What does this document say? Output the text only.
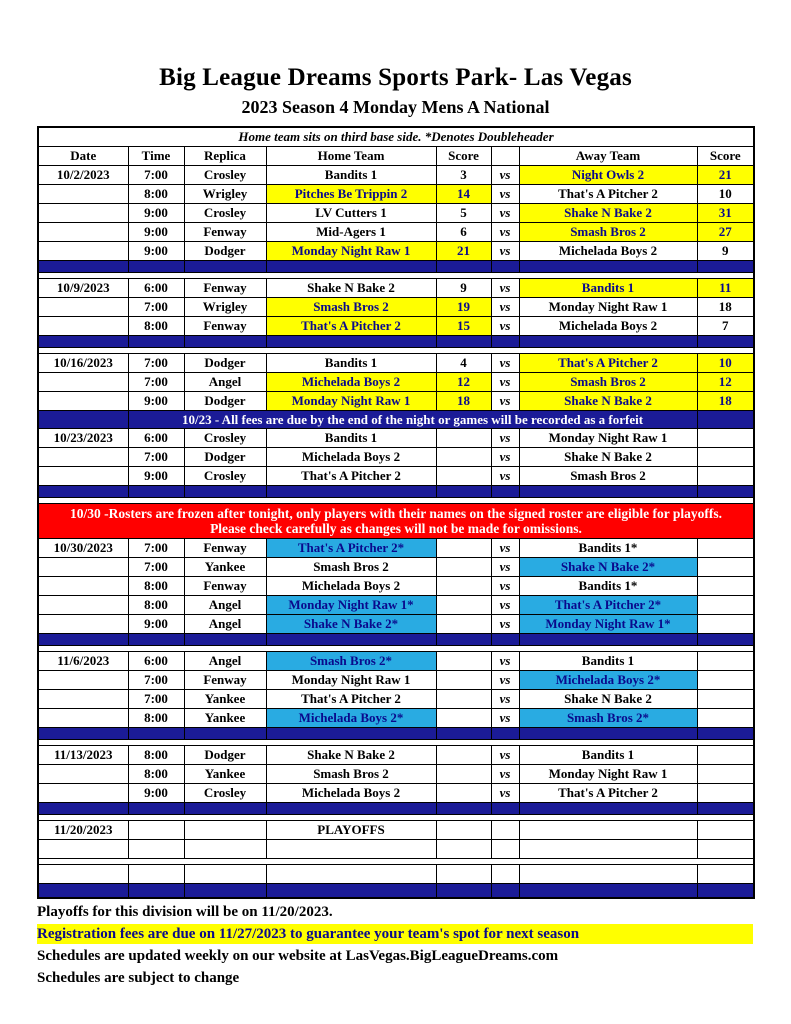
Big League Dreams Sports Park- Las Vegas
2023 Season 4 Monday Mens A National
Home team sits on third base side. *Denotes Doubleheader							
Date	Time	Replica	Home Team	Score		Away Team	Score
10/2/2023	7:00	Crosley	Bandits 1	3	vs	Night Owls 2	21
	8:00	Wrigley	Pitches Be Trippin 2	14	vs	That's A Pitcher 2	10
	9:00	Crosley	LV Cutters 1	5	vs	Shake N Bake 2	31
	9:00	Fenway	Mid-Agers 1	6	vs	Smash Bros 2	27
	9:00	Dodger	Monday Night Raw 1	21	vs	Michelada Boys 2	9

10/9/2023	6:00	Fenway	Shake N Bake 2	9	vs	Bandits 1	11
	7:00	Wrigley	Smash Bros 2	19	vs	Monday Night Raw 1	18
	8:00	Fenway	That's A Pitcher 2	15	vs	Michelada Boys 2	7

10/16/2023	7:00	Dodger	Bandits 1	4	vs	That's A Pitcher 2	10
	7:00	Angel	Michelada Boys 2	12	vs	Smash Bros 2	12
	9:00	Dodger	Monday Night Raw 1	18	vs	Shake N Bake 2	18
	10/23 - All fees are due by the end of the night or games will be recorded as a forfeit						
10/23/2023	6:00	Crosley	Bandits 1		vs	Monday Night Raw 1	
	7:00	Dodger	Michelada Boys 2		vs	Shake N Bake 2	
	9:00	Crosley	That's A Pitcher 2		vs	Smash Bros 2	

10/30 -Rosters are frozen after tonight, only players with their names on the signed roster are eligible for playoffs.
Please check carefully as changes will not be made for omissions.							

10/30/2023	7:00	Fenway	That's A Pitcher 2*		vs	Bandits 1*	
	7:00	Yankee	Smash Bros 2		vs	Shake N Bake 2*	
	8:00	Fenway	Michelada Boys 2		vs	Bandits 1*	
	8:00	Angel	Monday Night Raw 1*		vs	That's A Pitcher 2*	
	9:00	Angel	Shake N Bake 2*		vs	Monday Night Raw 1*	

11/6/2023	6:00	Angel	Smash Bros 2*		vs	Bandits 1	
	7:00	Fenway	Monday Night Raw 1		vs	Michelada Boys 2*	
	7:00	Yankee	That's A Pitcher 2		vs	Shake N Bake 2	
	8:00	Yankee	Michelada Boys 2*		vs	Smash Bros 2*	

11/13/2023	8:00	Dodger	Shake N Bake 2		vs	Bandits 1	
	8:00	Yankee	Smash Bros 2		vs	Monday Night Raw 1	
	9:00	Crosley	Michelada Boys 2		vs	That's A Pitcher 2	

11/20/2023			PLAYOFFS				

Playoffs for this division will be on 11/20/2023.
Registration fees are due on 11/27/2023 to guarantee your team's spot for next season
Schedules are updated weekly on our website at LasVegas.BigLeagueDreams.com
Schedules are subject to change
